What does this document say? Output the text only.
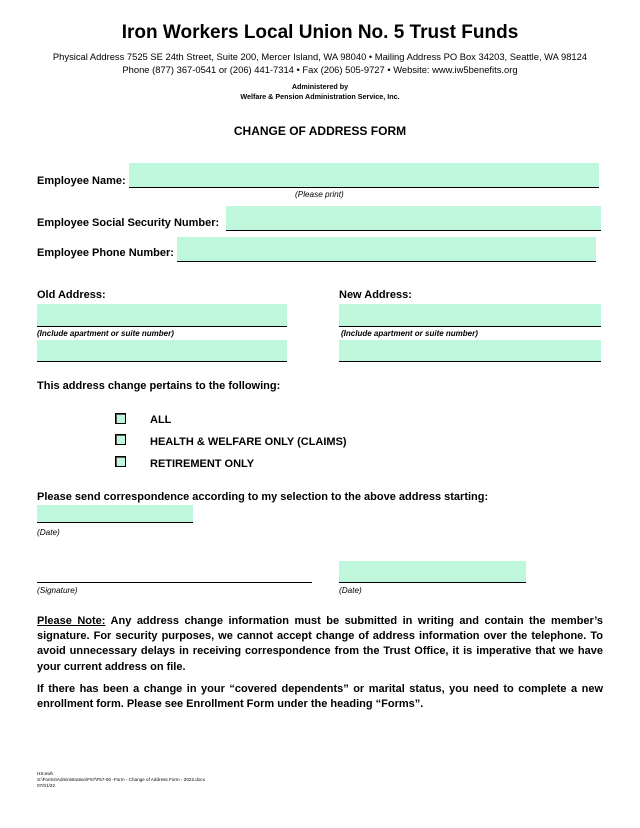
Iron Workers Local Union No. 5 Trust Funds
Physical Address 7525 SE 24th Street, Suite 200, Mercer Island, WA 98040 • Mailing Address PO Box 34203, Seattle, WA 98124
Phone (877) 367-0541 or (206) 441-7314 • Fax (206) 505-9727 • Website: www.iw5benefits.org
Administered by
Welfare & Pension Administration Service, Inc.
CHANGE OF ADDRESS FORM
Employee Name:
(Please print)
Employee Social Security Number:
Employee Phone Number:
Old Address:	New Address:
(Include apartment or suite number)	(Include apartment or suite number)
This address change pertains to the following:
ALL
HEALTH & WELFARE ONLY (CLAIMS)
RETIREMENT ONLY
Please send correspondence according to my selection to the above address starting:
(Date)
(Signature)	(Date)
Please Note: Any address change information must be submitted in writing and contain the member’s signature. For security purposes, we cannot accept change of address information over the telephone. To avoid unnecessary delays in receiving correspondence from the Trust Office, it is imperative that we have your current address on file.
If there has been a change in your “covered dependents” or marital status, you need to complete a new enrollment form. Please see Enrollment Form under the heading “Forms”.
HS:ewh
S:\Forms\Administration\F57\F57-00 -Form - Change of Address Form - 2022.docx
07/01/22
